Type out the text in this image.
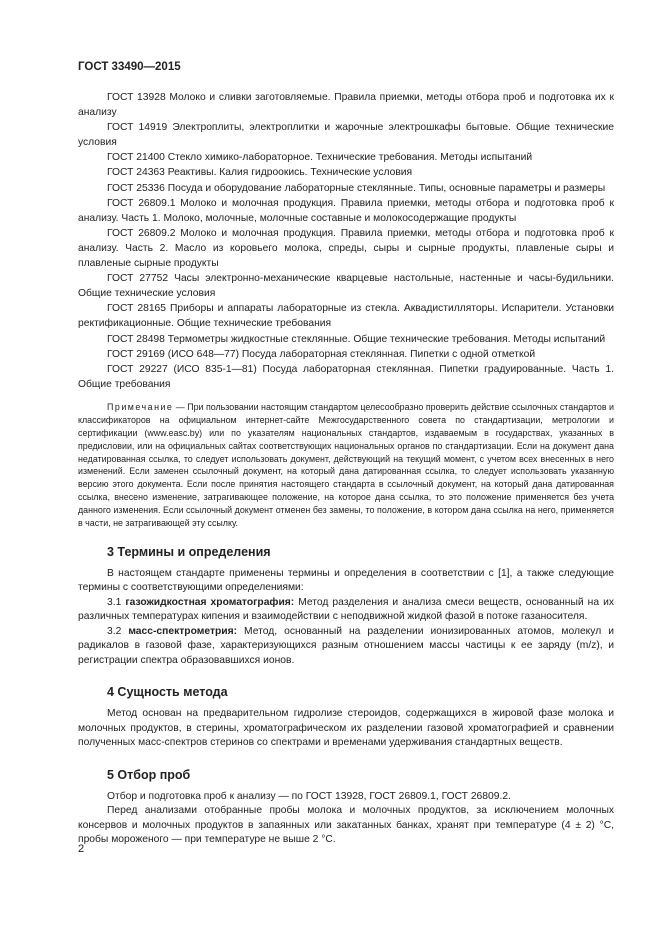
ГОСТ 33490—2015

ГОСТ 13928 Молоко и сливки заготовляемые. Правила приемки, методы отбора проб и подготовка их к анализу

ГОСТ 14919 Электроплиты, электроплитки и жарочные электрошкафы бытовые. Общие технические условия

ГОСТ 21400 Стекло химико-лабораторное. Технические требования. Методы испытаний

ГОСТ 24363 Реактивы. Калия гидроокись. Технические условия

ГОСТ 25336 Посуда и оборудование лабораторные стеклянные. Типы, основные параметры и размеры

ГОСТ 26809.1 Молоко и молочная продукция. Правила приемки, методы отбора и подготовка проб к анализу. Часть 1. Молоко, молочные, молочные составные и молокосодержащие продукты

ГОСТ 26809.2 Молоко и молочная продукция. Правила приемки, методы отбора и подготовка проб к анализу. Часть 2. Масло из коровьего молока, спреды, сыры и сырные продукты, плавленые сыры и плавленые сырные продукты

ГОСТ 27752 Часы электронно-механические кварцевые настольные, настенные и часы-будильники. Общие технические условия

ГОСТ 28165 Приборы и аппараты лабораторные из стекла. Аквадистилляторы. Испарители. Установки ректификационные. Общие технические требования

ГОСТ 28498 Термометры жидкостные стеклянные. Общие технические требования. Методы испытаний

ГОСТ 29169 (ИСО 648—77) Посуда лабораторная стеклянная. Пипетки с одной отметкой

ГОСТ 29227 (ИСО 835-1—81) Посуда лабораторная стеклянная. Пипетки градуированные. Часть 1. Общие требования

Примечание — При пользовании настоящим стандартом целесообразно проверить действие ссылочных стандартов и классификаторов на официальном интернет-сайте Межгосударственного совета по стандартизации, метрологии и сертификации (www.easc.by) или по указателям национальных стандартов, издаваемым в государствах, указанных в предисловии, или на официальных сайтах соответствующих национальных органов по стандартизации. Если на документ дана недатированная ссылка, то следует использовать документ, действующий на текущий момент, с учетом всех внесенных в него изменений. Если заменен ссылочный документ, на который дана датированная ссылка, то следует использовать указанную версию этого документа. Если после принятия настоящего стандарта в ссылочный документ, на который дана датированная ссылка, внесено изменение, затрагивающее положение, на которое дана ссылка, то это положение применяется без учета данного изменения. Если ссылочный документ отменен без замены, то положение, в котором дана ссылка на него, применяется в части, не затрагивающей эту ссылку.
3 Термины и определения

В настоящем стандарте применены термины и определения в соответствии с [1], а также следующие термины с соответствующими определениями:

3.1 газожидкостная хроматография: Метод разделения и анализа смеси веществ, основанный на их различных температурах кипения и взаимодействии с неподвижной жидкой фазой в потоке газаносителя.

3.2 масс-спектрометрия: Метод, основанный на разделении ионизированных атомов, молекул и радикалов в газовой фазе, характеризующихся разным отношением массы частицы к ее заряду (m/z), и регистрации спектра образовавшихся ионов.

4 Сущность метода

Метод основан на предварительном гидролизе стероидов, содержащихся в жировой фазе молока и молочных продуктов, в стерины, хроматографическом их разделении газовой хроматографией и сравнении полученных масс-спектров стеринов со спектрами и временами удерживания стандартных веществ.

5 Отбор проб

Отбор и подготовка проб к анализу — по ГОСТ 13928, ГОСТ 26809.1, ГОСТ 26809.2.

Перед анализами отобранные пробы молока и молочных продуктов, за исключением молочных консервов и молочных продуктов в запаянных или закатанных банках, хранят при температуре (4 ± 2) °С, пробы мороженого — при температуре не выше 2 °С.

2
